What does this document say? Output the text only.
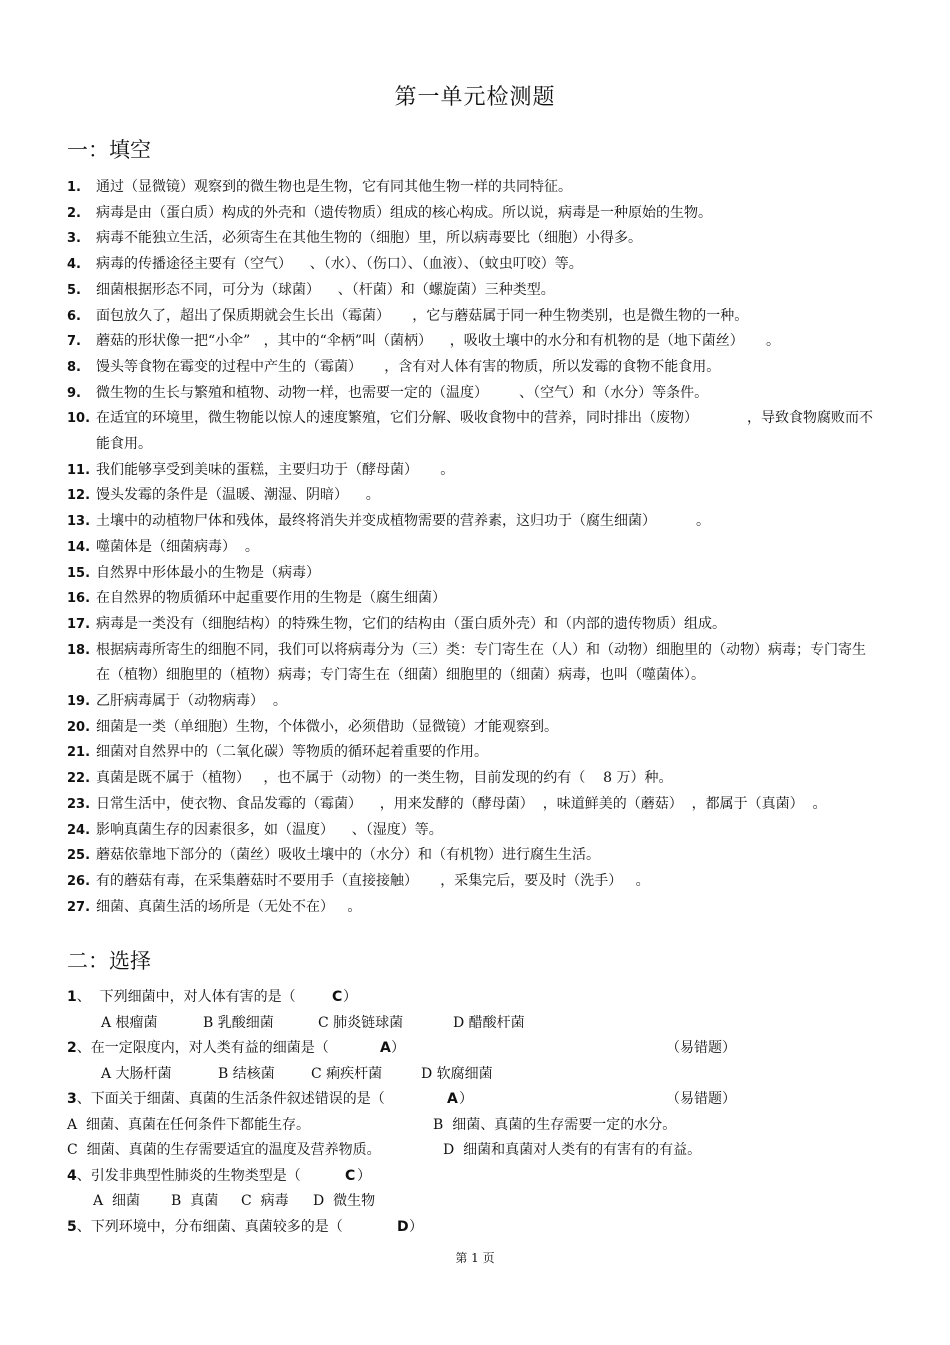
第一单元检测题
一：填空
1. 通过（显微镜）观察到的微生物也是生物，它有同其他生物一样的共同特征。
2. 病毒是由（蛋白质）构成的外壳和（遗传物质）组成的核心构成。所以说，病毒是一种原始的生物。
3. 病毒不能独立生活，必须寄生在其他生物的（细胞）里，所以病毒要比（细胞）小得多。
4. 病毒的传播途径主要有（空气）    、（水）、（伤口）、（血液）、（蚊虫叮咬）等。
5. 细菌根据形态不同，可分为（球菌）    、（杆菌）和（螺旋菌）三种类型。
6. 面包放久了，超出了保质期就会生长出（霉菌）     ，它与蘑菇属于同一种生物类别，也是微生物的一种。
7. 蘑菇的形状像一把“小伞”   ，其中的“伞柄”叫（菌柄）    ，吸收土壤中的水分和有机物的是（地下菌丝）     。
8. 馒头等食物在霉变的过程中产生的（霉菌）     ，含有对人体有害的物质，所以发霉的食物不能食用。
9. 微生物的生长与繁殖和植物、动物一样，也需要一定的（温度）       、（空气）和（水分）等条件。
10. 在适宜的环境里，微生物能以惊人的速度繁殖，它们分解、吸收食物中的营养，同时排出（废物）           ，导致食物腐败而不能食用。
11. 我们能够享受到美味的蛋糕，主要归功于（酵母菌）     。
12. 馒头发霉的条件是（温暖、潮湿、阴暗）    。
13. 土壤中的动植物尸体和残体，最终将消失并变成植物需要的营养素，这归功于（腐生细菌）         。
14. 噬菌体是（细菌病毒）  。
15. 自然界中形体最小的生物是（病毒）
16. 在自然界的物质循环中起重要作用的生物是（腐生细菌）
17. 病毒是一类没有（细胞结构）的特殊生物，它们的结构由（蛋白质外壳）和（内部的遗传物质）组成。
18. 根据病毒所寄生的细胞不同，我们可以将病毒分为（三）类：专门寄生在（人）和（动物）细胞里的（动物）病毒；专门寄生在（植物）细胞里的（植物）病毒；专门寄生在（细菌）细胞里的（细菌）病毒，也叫（噬菌体）。
19. 乙肝病毒属于（动物病毒）  。
20. 细菌是一类（单细胞）生物，个体微小，必须借助（显微镜）才能观察到。
21. 细菌对自然界中的（二氧化碳）等物质的循环起着重要的作用。
22. 真菌是既不属于（植物）   ，也不属于（动物）的一类生物，目前发现的约有（    8 万）种。
23. 日常生活中，使衣物、食品发霉的（霉菌）    ，用来发酵的（酵母菌）  ，味道鲜美的（蘑菇）  ，都属于（真菌）  。
24. 影响真菌生存的因素很多，如（温度）    、（湿度）等。
25. 蘑菇依靠地下部分的（菌丝）吸收土壤中的（水分）和（有机物）进行腐生生活。
26. 有的蘑菇有毒，在采集蘑菇时不要用手（直接接触）     ，采集完后，要及时（洗手）   。
27. 细菌、真菌生活的场所是（无处不在）   。
二：选择

1、  下列细菌中，对人体有害的是（

	C

）

A 根瘤菌

	B 乳酸细菌

	C 肺炎链球菌

	D 醋酸杆菌

2、在一定限度内，对人类有益的细菌是（

	A

）

	（易错题）

A 大肠杆菌

	B 结核菌

	C 痢疾杆菌

	D 软腐细菌

3、下面关于细菌、真菌的生活条件叙述错误的是（

	A

）

	（易错题）

A  细菌、真菌在任何条件下都能生存。

	B  细菌、真菌的生存需要一定的水分。

C  细菌、真菌的生存需要适宜的温度及营养物质。

	D  细菌和真菌对人类有的有害有的有益。

4、引发非典型性肺炎的生物类型是（

	C

）

A  细菌

B  真菌

C  病毒

D  微生物

5、下列环境中，分布细菌、真菌较多的是（

	D

）

第 1 页
